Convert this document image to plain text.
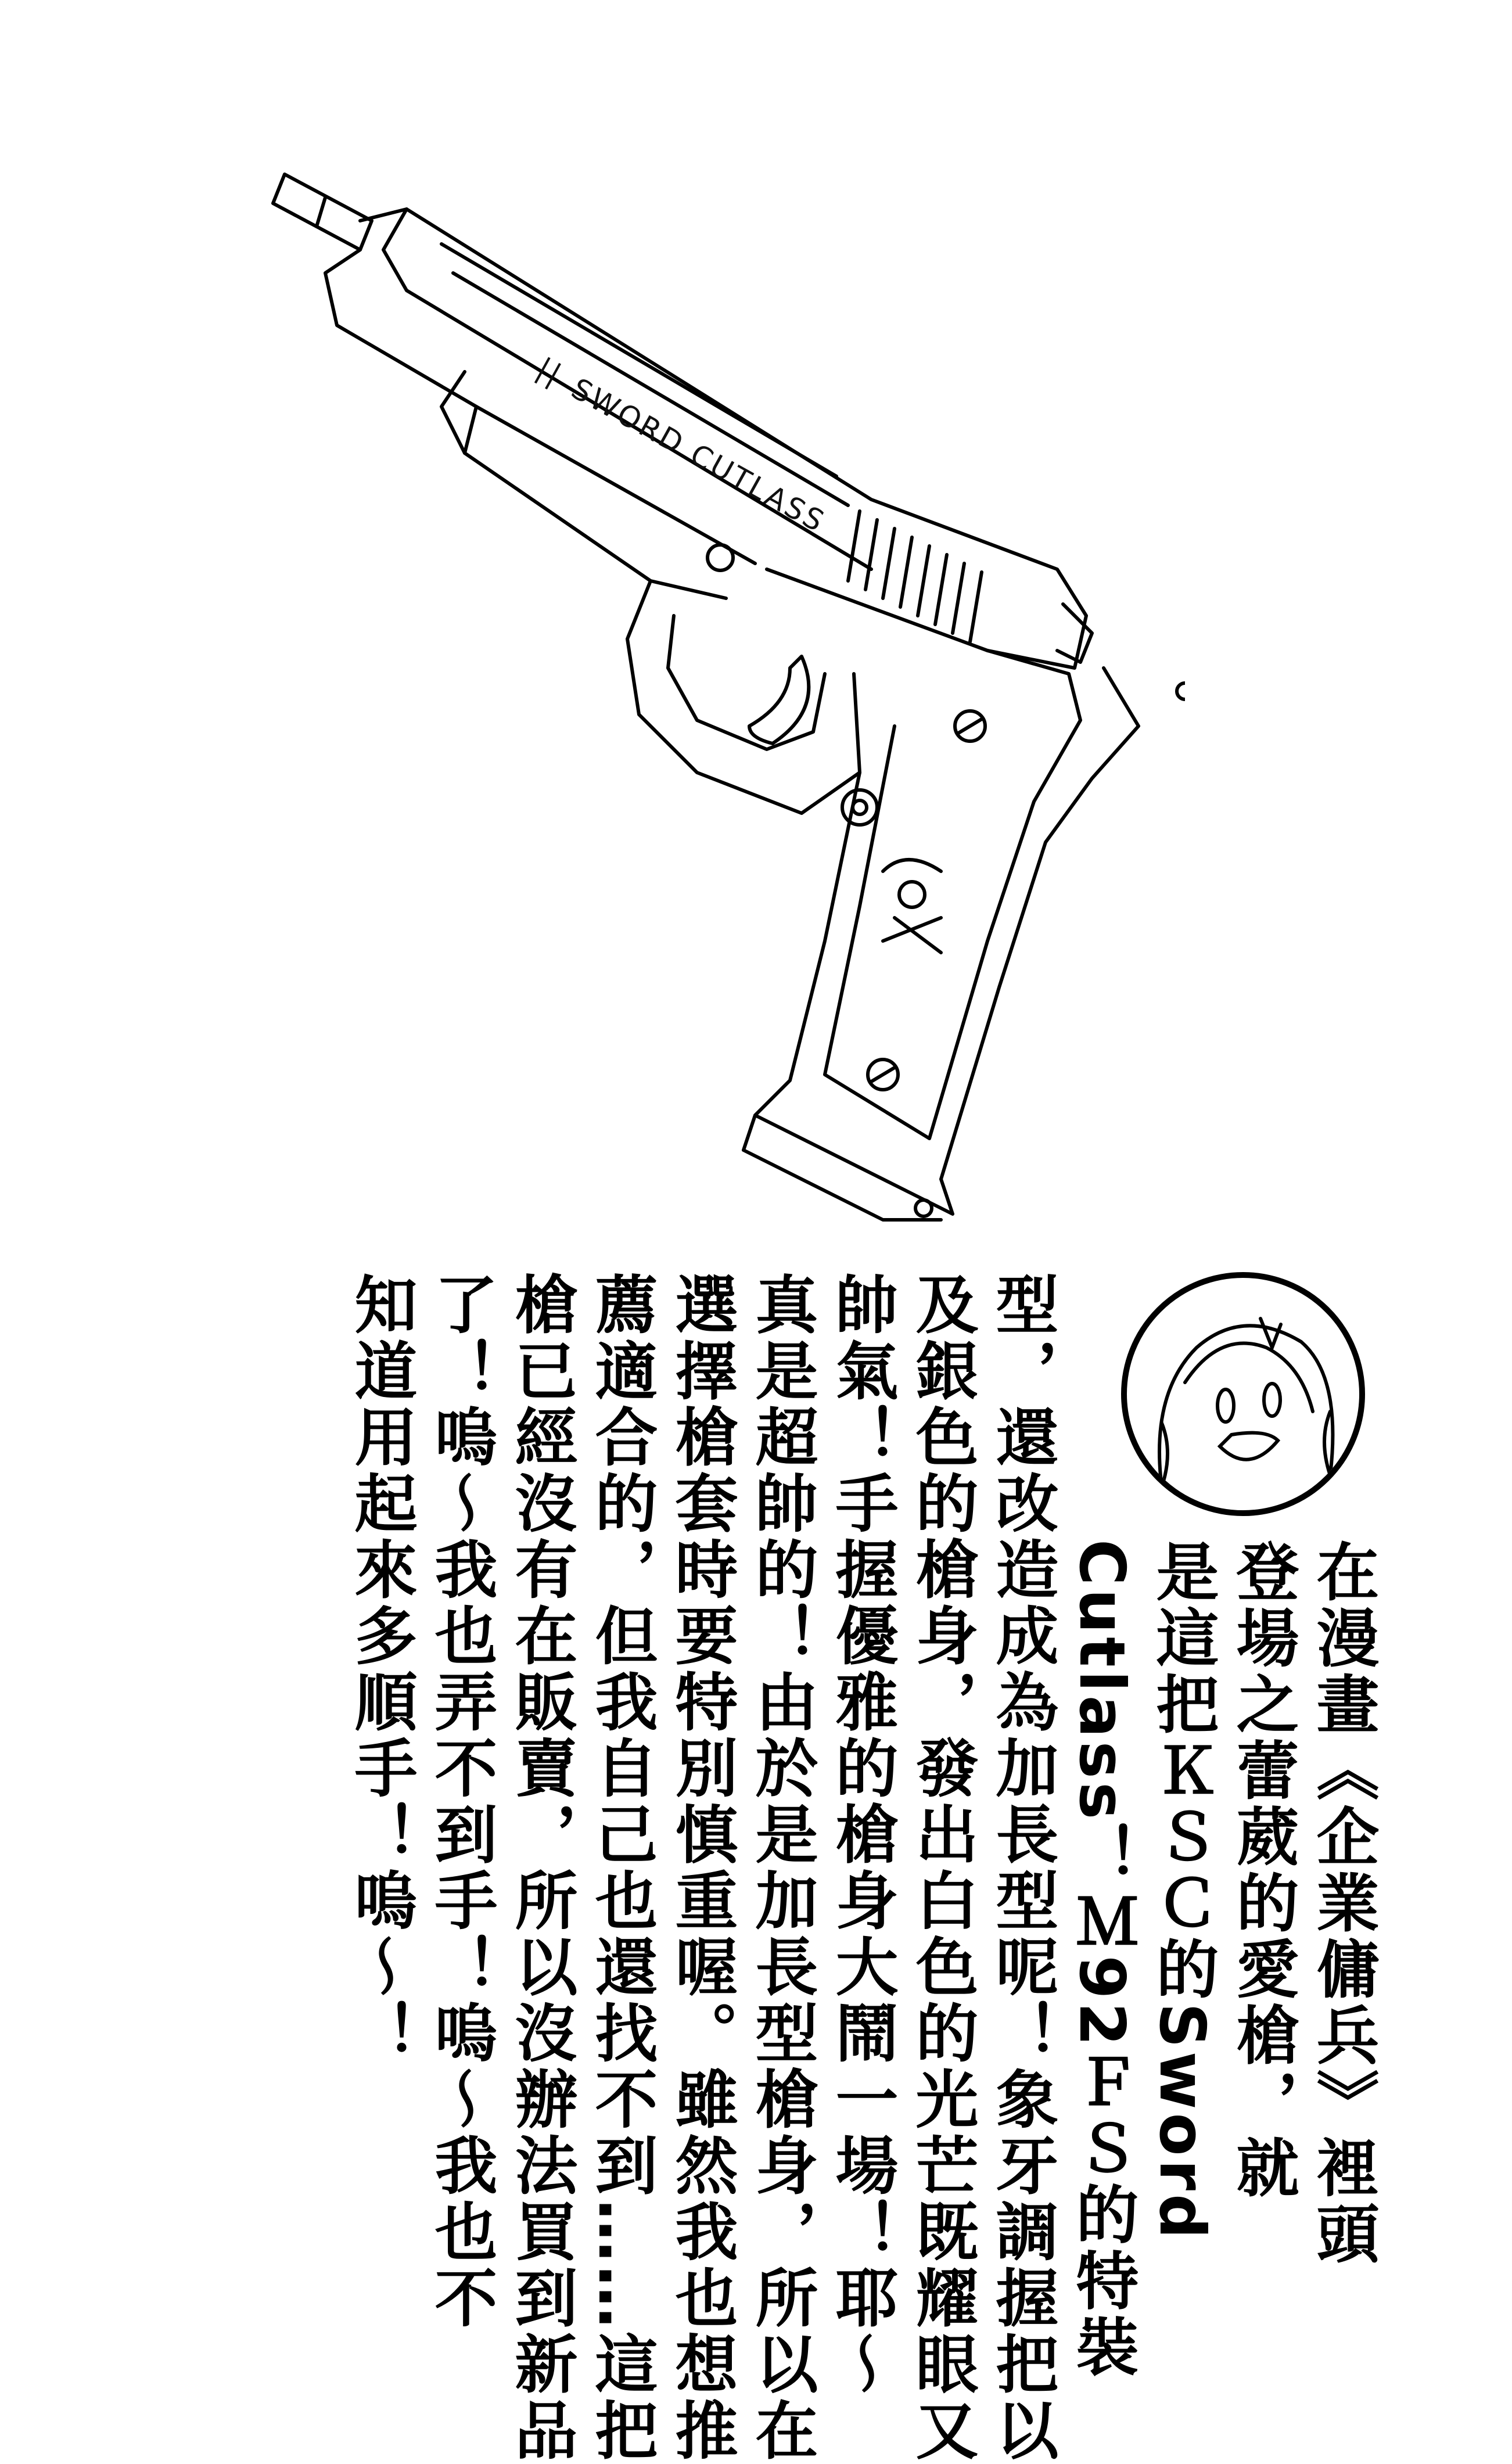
SWORD CUTLASS
||
在漫畫《企業傭兵》裡頭
登場之蕾葳的愛槍，就
是這把ＫＳＣ的Sword
Cutlass！Ｍ92ＦＳ的特裝
型，還改造成為加長型呢！象牙調握把以
及銀色的槍身，發出白色的光芒既耀眼又
帥氣！手握優雅的槍身大鬧一場！耶～
真是超帥的！由於是加長型槍身，所以在
選擇槍套時要特別慎重喔。雖然我也想推
薦適合的，但我自己也還找不到……這把
槍已經沒有在販賣，所以沒辦法買到新品
了！嗚～我也弄不到手！嗚～我也不
知道用起來多順手！嗚～！
